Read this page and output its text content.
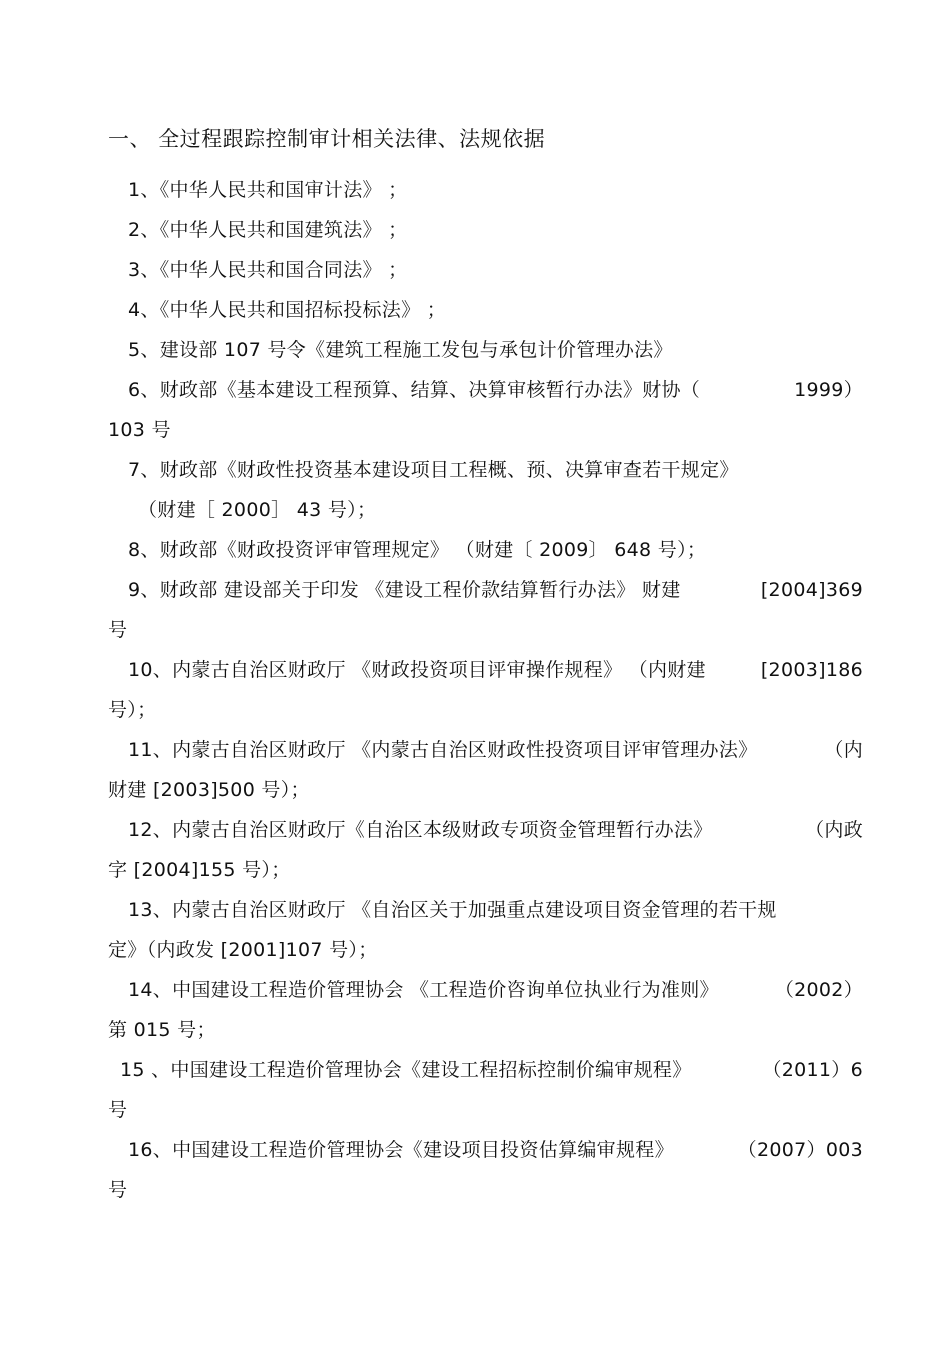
一、 全过程跟踪控制审计相关法律、法规依据
1、《中华人民共和国审计法》 ；
2、《中华人民共和国建筑法》 ；
3、《中华人民共和国合同法》 ；
4、《中华人民共和国招标投标法》 ；
5、建设部 107 号令《建筑工程施工发包与承包计价管理办法》
6、财政部《基本建设工程预算、结算、决算审核暂行办法》财协（	1999）
103 号
7、财政部《财政性投资基本建设项目工程概、预、决算审查若干规定》
（财建［ 2000］ 43 号）；
8、财政部《财政投资评审管理规定》 （财建〔 2009〕 648 号）；
9、财政部 建设部关于印发 《建设工程价款结算暂行办法》 财建	[2004]369
号
10、内蒙古自治区财政厅 《财政投资项目评审操作规程》 （内财建	[2003]186
号）；
11、内蒙古自治区财政厅 《内蒙古自治区财政性投资项目评审管理办法》	（内
财建 [2003]500 号）；
12、内蒙古自治区财政厅《自治区本级财政专项资金管理暂行办法》	（内政
字 [2004]155 号）；
13、内蒙古自治区财政厅 《自治区关于加强重点建设项目资金管理的若干规
定》（内政发 [2001]107 号）；
14、中国建设工程造价管理协会 《工程造价咨询单位执业行为准则》	（2002）
第 015 号；
15 、中国建设工程造价管理协会《建设工程招标控制价编审规程》	（2011）6
号
16、中国建设工程造价管理协会《建设项目投资估算编审规程》	（2007）003
号
